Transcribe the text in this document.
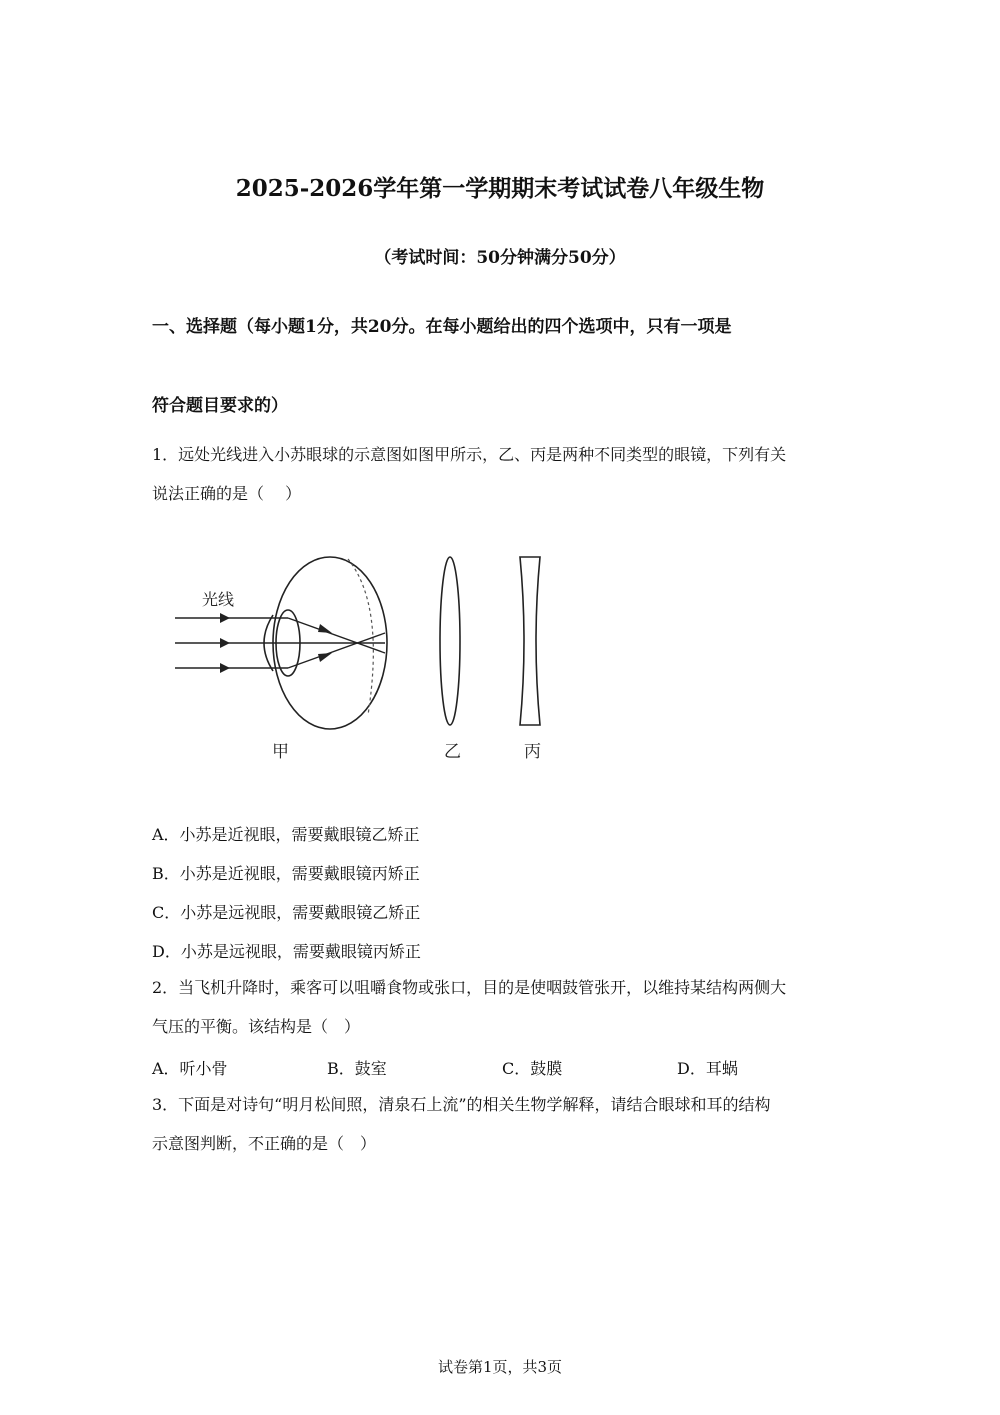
2025-2026学年第一学期期末考试试卷八年级生物
（考试时间：50分钟满分50分）
一、选择题（每小题1分，共20分。在每小题给出的四个选项中，只有一项是
符合题目要求的）
1．远处光线进入小苏眼球的示意图如图甲所示，乙、丙是两种不同类型的眼镜，下列有关
说法正确的是（　 ）
光线
甲	乙	丙
A．小苏是近视眼，需要戴眼镜乙矫正
B．小苏是近视眼，需要戴眼镜丙矫正
C．小苏是远视眼，需要戴眼镜乙矫正
D．小苏是远视眼，需要戴眼镜丙矫正
2．当飞机升降时，乘客可以咀嚼食物或张口，目的是使咽鼓管张开，以维持某结构两侧大
气压的平衡。该结构是（　）
A．听小骨	B．鼓室	C．鼓膜	D．耳蜗
3．下面是对诗句“明月松间照，清泉石上流”的相关生物学解释，请结合眼球和耳的结构
示意图判断，不正确的是（　）
试卷第1页，共3页
